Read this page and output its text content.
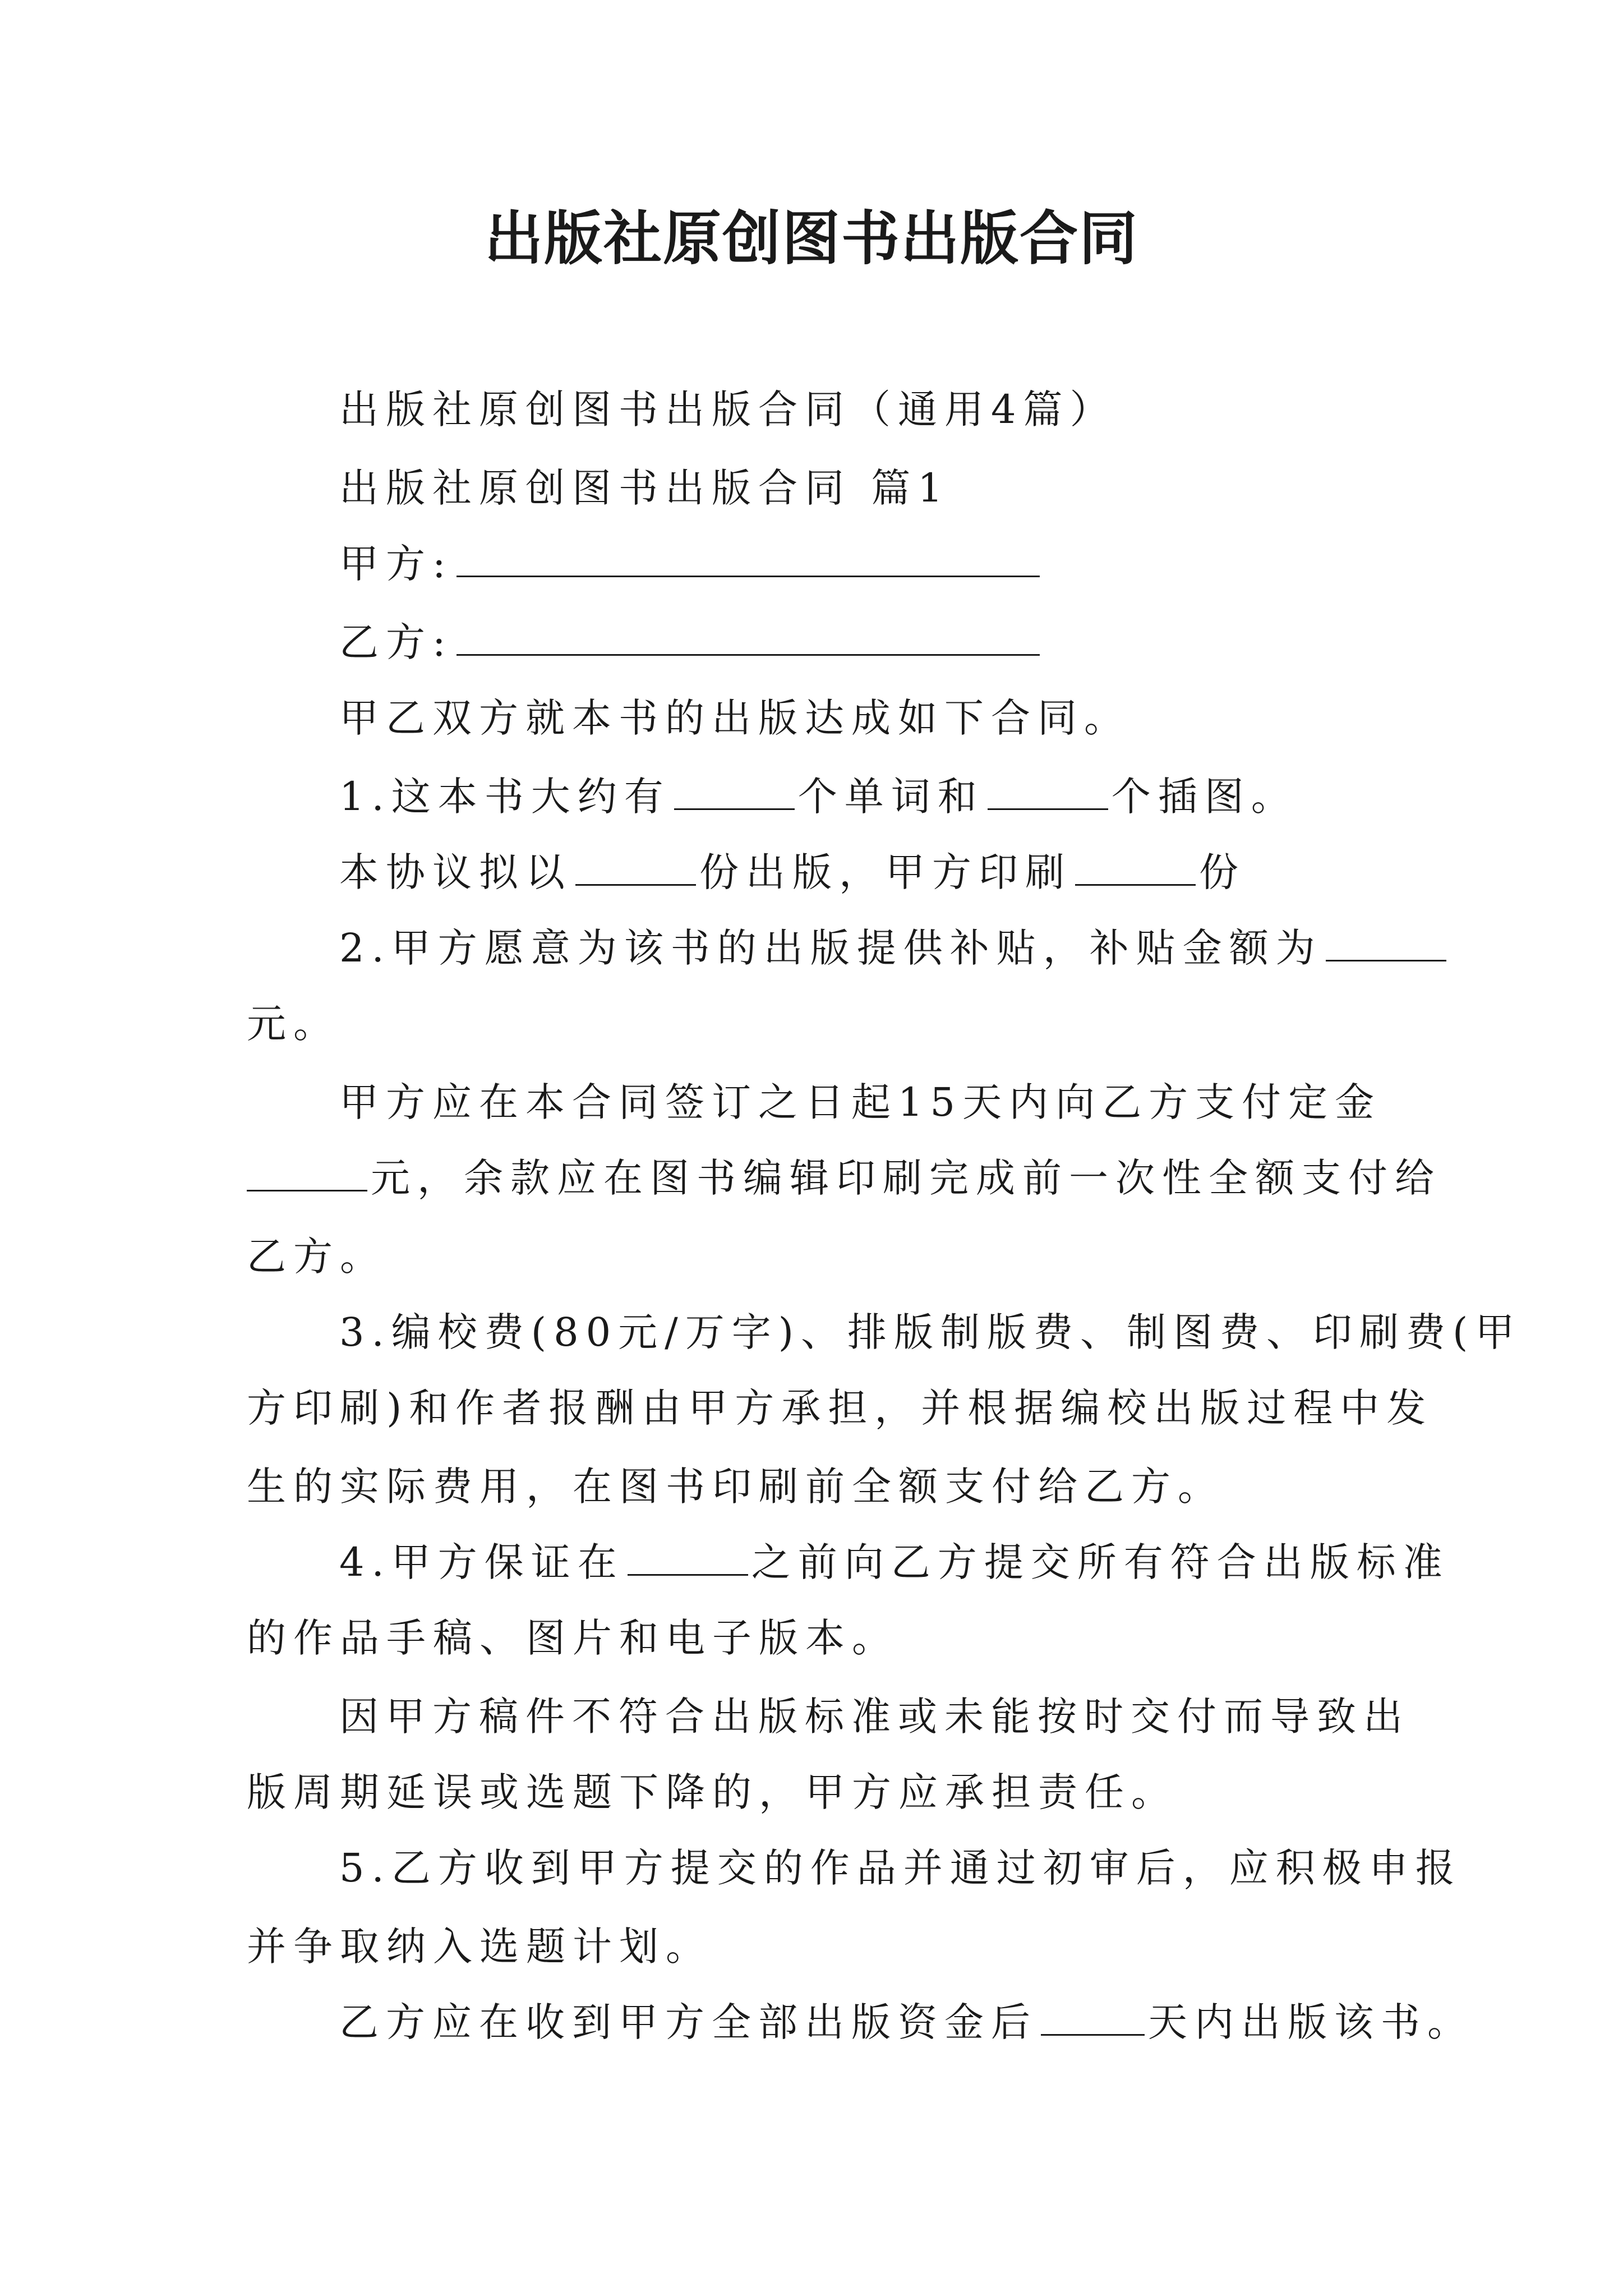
出版社原创图书出版合同
出版社原创图书出版合同（通用4篇）
出版社原创图书出版合同 篇1
甲方:
乙方:
甲乙双方就本书的出版达成如下合同。
1.这本书大约有	个单词和	个插图。
本协议拟以	份出版，甲方印刷	份
2.甲方愿意为该书的出版提供补贴，补贴金额为
元。
甲方应在本合同签订之日起15天内向乙方支付定金
元，余款应在图书编辑印刷完成前一次性全额支付给
乙方。
3.编校费(80元/万字)、排版制版费、制图费、印刷费(甲
方印刷)和作者报酬由甲方承担，并根据编校出版过程中发
生的实际费用，在图书印刷前全额支付给乙方。
4.甲方保证在	之前向乙方提交所有符合出版标准
的作品手稿、图片和电子版本。
因甲方稿件不符合出版标准或未能按时交付而导致出
版周期延误或选题下降的，甲方应承担责任。
5.乙方收到甲方提交的作品并通过初审后，应积极申报
并争取纳入选题计划。
乙方应在收到甲方全部出版资金后	天内出版该书。
